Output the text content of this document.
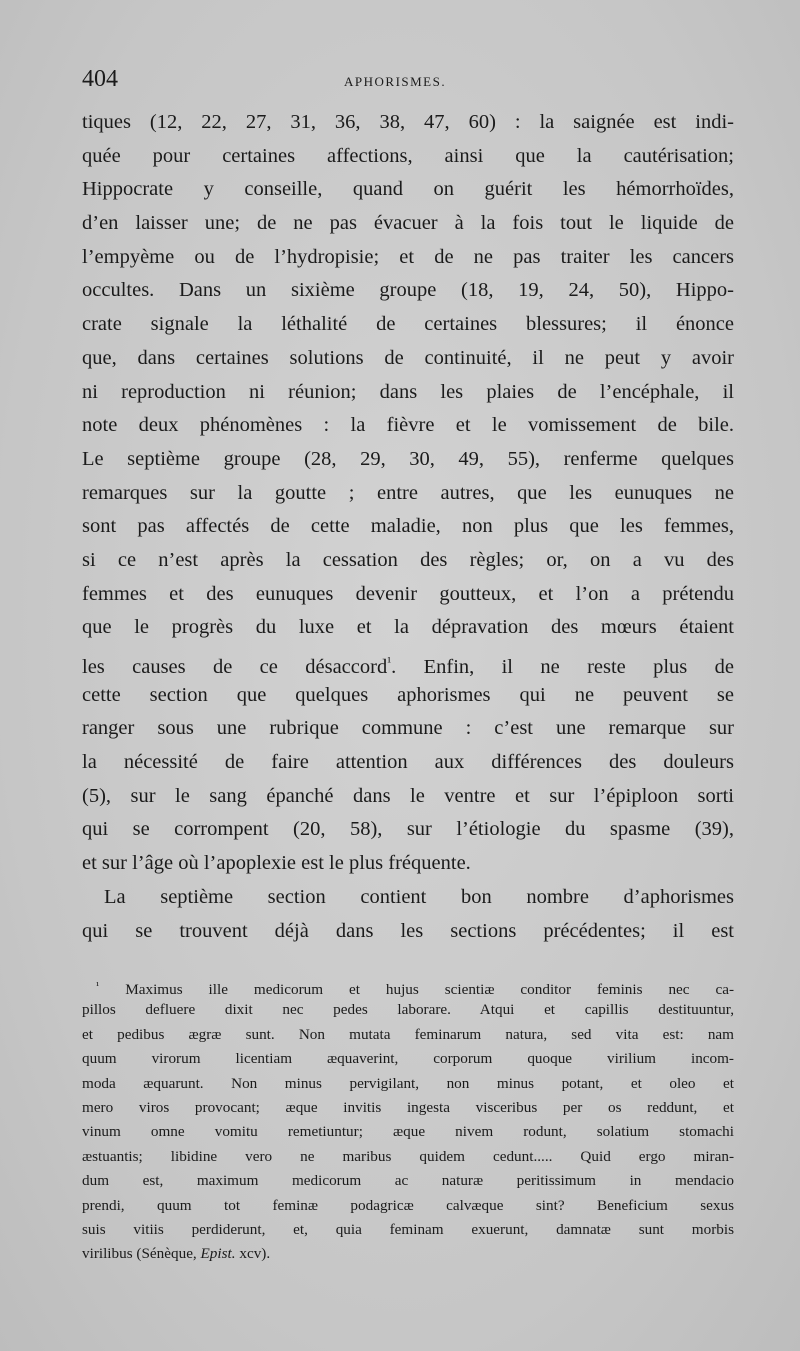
404	APHORISMES.
tiques (12, 22, 27, 31, 36, 38, 47, 60) : la saignée est indi-
quée pour certaines affections, ainsi que la cautérisation;
Hippocrate y conseille, quand on guérit les hémorrhoïdes,
d’en laisser une; de ne pas évacuer à la fois tout le liquide de
l’empyème ou de l’hydropisie; et de ne pas traiter les cancers
occultes. Dans un sixième groupe (18, 19, 24, 50), Hippo-
crate signale la léthalité de certaines blessures; il énonce
que, dans certaines solutions de continuité, il ne peut y avoir
ni reproduction ni réunion; dans les plaies de l’encéphale, il
note deux phénomènes : la fièvre et le vomissement de bile.
Le septième groupe (28, 29, 30, 49, 55), renferme quelques
remarques sur la goutte ; entre autres, que les eunuques ne
sont pas affectés de cette maladie, non plus que les femmes,
si ce n’est après la cessation des règles; or, on a vu des
femmes et des eunuques devenir goutteux, et l’on a prétendu
que le progrès du luxe et la dépravation des mœurs étaient
les causes de ce désaccord$^{^1}$. Enfin, il ne reste plus de
cette section que quelques aphorismes qui ne peuvent se
ranger sous une rubrique commune : c’est une remarque sur
la nécessité de faire attention aux différences des douleurs
(5), sur le sang épanché dans le ventre et sur l’épiploon sorti
qui se corrompent (20, 58), sur l’étiologie du spasme (39),
et sur l’âge où l’apoplexie est le plus fréquente.
La septième section contient bon nombre d’aphorismes
qui se trouvent déjà dans les sections précédentes; il est
$^{^1}$ Maximus ille medicorum et hujus scientiæ conditor feminis nec ca-
pillos defluere dixit nec pedes laborare. Atqui et capillis destituuntur,
et pedibus ægræ sunt. Non mutata feminarum natura, sed vita est: nam
quum virorum licentiam æquaverint, corporum quoque virilium incom-
moda æquarunt. Non minus pervigilant, non minus potant, et oleo et
mero viros provocant; æque invitis ingesta visceribus per os reddunt, et
vinum omne vomitu remetiuntur; æque nivem rodunt, solatium stomachi
æstuantis; libidine vero ne maribus quidem cedunt..... Quid ergo miran-
dum est, maximum medicorum ac naturæ peritissimum in mendacio
prendi, quum tot feminæ podagricæ calvæque sint? Beneficium sexus
suis vitiis perdiderunt, et, quia feminam exuerunt, damnatæ sunt morbis
virilibus (Sénèque, Epist. xcv).
